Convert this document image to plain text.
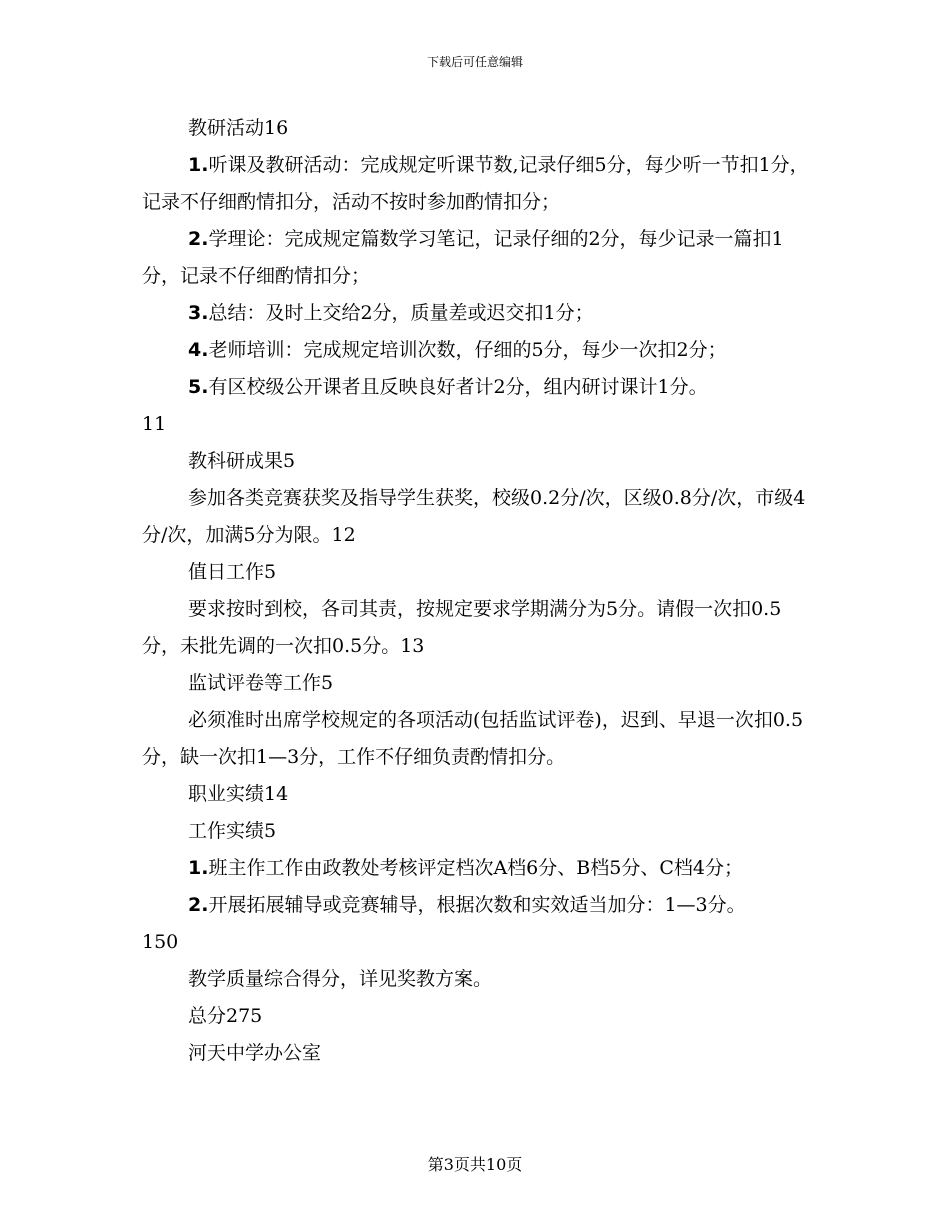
下载后可任意编辑

教研活动16

1.听课及教研活动：完成规定听课节数,记录仔细5分，每少听一节扣1分，记录不仔细酌情扣分，活动不按时参加酌情扣分；

2.学理论：完成规定篇数学习笔记，记录仔细的2分，每少记录一篇扣1分，记录不仔细酌情扣分；

3.总结：及时上交给2分，质量差或迟交扣1分；

4.老师培训：完成规定培训次数，仔细的5分，每少一次扣2分；

5.有区校级公开课者且反映良好者计2分，组内研讨课计1分。

11

教科研成果5

参加各类竞赛获奖及指导学生获奖，校级0.2分/次，区级0.8分/次，市级4分/次，加满5分为限。12

值日工作5

要求按时到校，各司其责，按规定要求学期满分为5分。请假一次扣0.5分，未批先调的一次扣0.5分。13

监试评卷等工作5

必须准时出席学校规定的各项活动(包括监试评卷)，迟到、早退一次扣0.5分，缺一次扣1—3分，工作不仔细负责酌情扣分。

职业实绩14

工作实绩5

1.班主作工作由政教处考核评定档次A档6分、B档5分、C档4分；

2.开展拓展辅导或竞赛辅导，根据次数和实效适当加分：1—3分。

150

教学质量综合得分，详见奖教方案。

总分275

河天中学办公室

第3页共10页
